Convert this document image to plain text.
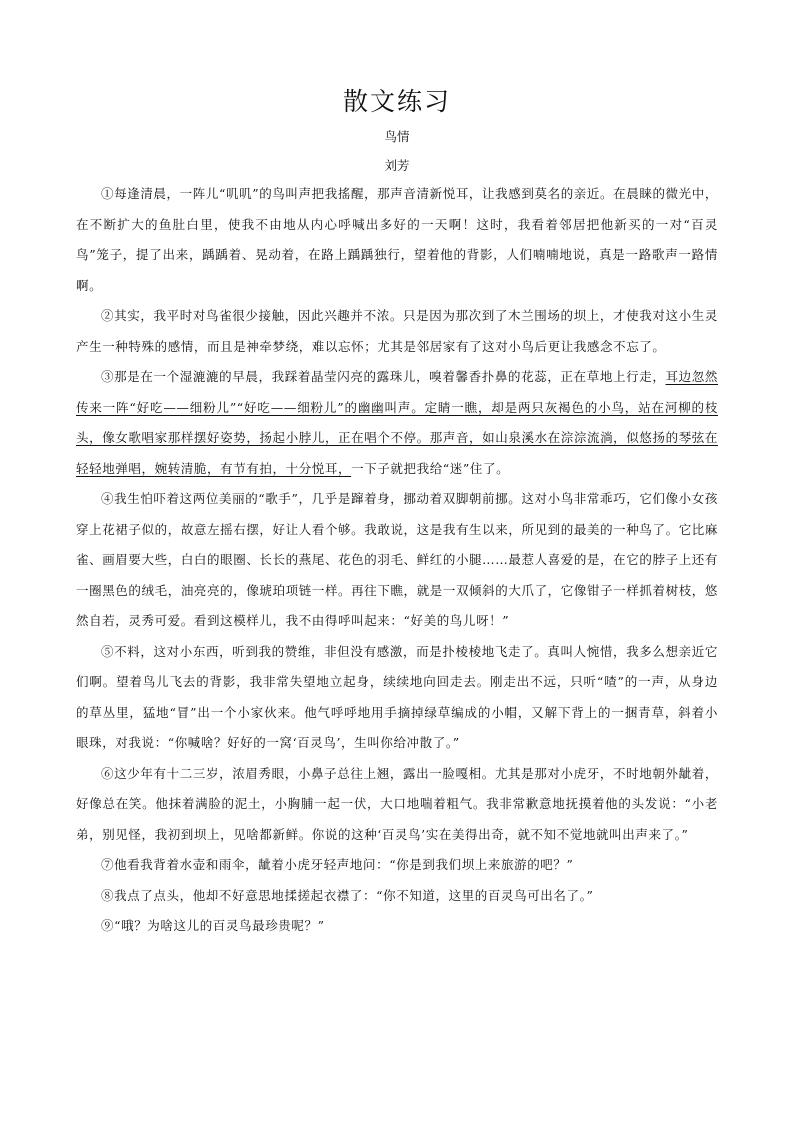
散文练习
鸟情
刘芳

①每逢清晨，一阵儿“叽叽”的鸟叫声把我搖醒，那声音清新悦耳，让我感到莫名的亲近。在晨睐的微光中，在不断扩大的鱼肚白里，使我不由地从内心呼喊出多好的一天啊！这时，我看着邻居把他新买的一对“百灵鸟”笼子，提了出来，踽踽着、晃动着，在路上踽踽独行，望着他的背影，人们喃喃地说，真是一路歌声一路情啊。

②其实，我平时对鸟雀很少接触，因此兴趣并不浓。只是因为那次到了木兰围场的坝上，才使我对这小生灵产生一种特殊的感情，而且是神牵梦绕，难以忘怀；尤其是邻居家有了这对小鸟后更让我感念不忘了。

③那是在一个湿漉漉的早晨，我踩着晶莹闪亮的露珠儿，嗅着馨香扑鼻的花蕊，正在草地上行走，耳边忽然传来一阵“好吃——细粉儿”“好吃——细粉儿”的幽幽叫声。定睛一瞧，却是两只灰褐色的小鸟，站在河柳的枝头，像女歌唱家那样摆好姿势，扬起小脖儿，正在唱个不停。那声音，如山泉溪水在淙淙流淌，似悠扬的琴弦在轻轻地弹唱，婉转清脆，有节有拍，十分悦耳，一下子就把我给“迷”住了。

④我生怕吓着这两位美丽的“歌手”，几乎是蹿着身，挪动着双脚朝前挪。这对小鸟非常乖巧，它们像小女孩穿上花裙子似的，故意左摇右摆，好让人看个够。我敢说，这是我有生以来，所见到的最美的一种鸟了。它比麻雀、画眉要大些，白白的眼圈、长长的燕尾、花色的羽毛、鲜红的小腿……最惹人喜爱的是，在它的脖子上还有一圈黑色的绒毛，油亮亮的，像琥珀项链一样。再往下瞧，就是一双倾斜的大爪了，它像钳子一样抓着树枝，悠然自若，灵秀可爱。看到这模样儿，我不由得呼叫起来：“好美的鸟儿呀！”

⑤不料，这对小东西，听到我的赞维，非但没有感激，而是扑棱棱地飞走了。真叫人惋惜，我多么想亲近它们啊。望着鸟儿飞去的背影，我非常失望地立起身，续续地向回走去。刚走出不远，只听“喳”的一声，从身边的草丛里，猛地“冒”出一个小家伙来。他气呼呼地用手摘掉绿草编成的小帽，又解下背上的一捆青草，斜着小眼珠，对我说：“你喊啥？好好的一窝‘百灵鸟’，生叫你给冲散了。”

⑥这少年有十二三岁，浓眉秀眼，小鼻子总往上翘，露出一脸嘎相。尤其是那对小虎牙，不时地朝外龇着，好像总在笑。他抹着满脸的泥土，小胸脯一起一伏，大口地喘着粗气。我非常歉意地抚摸着他的头发说：“小老弟，别见怪，我初到坝上，见啥都新鲜。你说的这种‘百灵鸟’实在美得出奇，就不知不觉地就叫出声来了。”

⑦他看我背着水壶和雨伞，龇着小虎牙轻声地问：“你是到我们坝上来旅游的吧？”

⑧我点了点头，他却不好意思地揉搓起衣襟了：“你不知道，这里的百灵鸟可出名了。”

⑨“哦？为啥这儿的百灵鸟最珍贵呢？”
